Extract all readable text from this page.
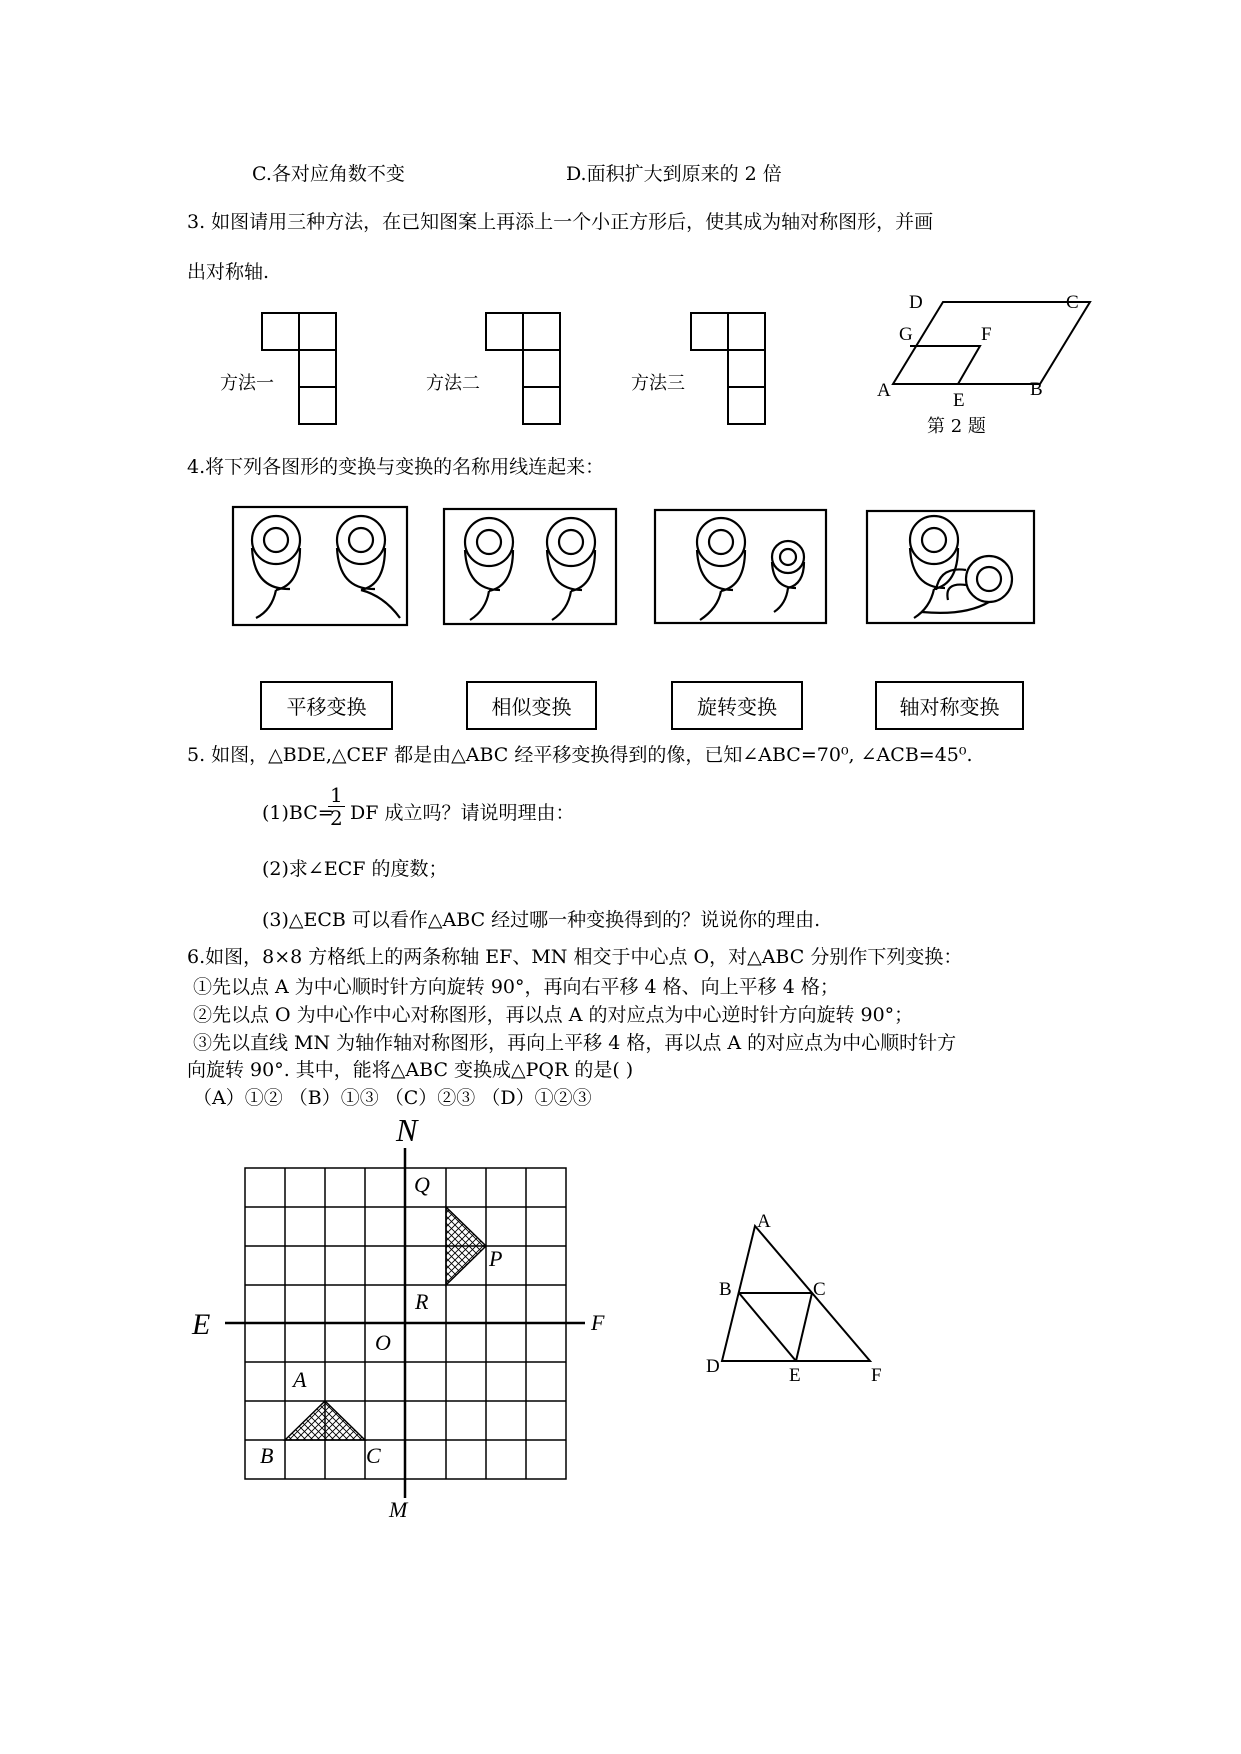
C.各对应角数不变	D.面积扩大到原来的 2 倍
3. 如图请用三种方法，在已知图案上再添上一个小正方形后，使其成为轴对称图形，并画
出对称轴.
方法一	方法二	方法三
D	C
G	F
A	E
B
第 2 题
4.将下列各图形的变换与变换的名称用线连起来：
平移变换	相似变换	旋转变换	轴对称变换
5. 如图，△BDE,△CEF 都是由△ABC 经平移变换得到的像，已知∠ABC=70⁰, ∠ACB=45⁰.
(1)BC=
$\frac{1}{2}$ DF 成立吗？请说明理由：
(2)求∠ECF 的度数；
(3)△ECB 可以看作△ABC 经过哪一种变换得到的？说说你的理由.
6.如图，8×8 方格纸上的两条称轴 EF、MN 相交于中心点 O，对△ABC 分别作下列变换：
①先以点 A 为中心顺时针方向旋转 90°，再向右平移 4 格、向上平移 4 格；
②先以点 O 为中心作中心对称图形，再以点 A 的对应点为中心逆时针方向旋转 90°；
③先以直线 MN 为轴作轴对称图形，再向上平移 4 格，再以点 A 的对应点为中心顺时针方
向旋转 90°. 其中，能将△ABC 变换成△PQR 的是( )
（A）①② （B）①③ （C）②③ （D）①②③
N
M
E	F
O
Q
P
R
A
B	C
A
B	C
D	E	F
